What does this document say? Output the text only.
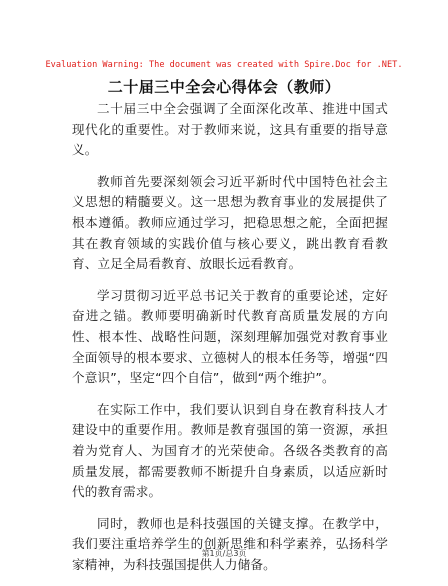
Evaluation Warning: The document was created with Spire.Doc for .NET.
二十届三中全会心得体会（教师）

二十届三中全会强调了全面深化改革、推进中国式现代化的重要性。对于教师来说，这具有重要的指导意义。

教师首先要深刻领会习近平新时代中国特色社会主义思想的精髓要义。这一思想为教育事业的发展提供了根本遵循。教师应通过学习，把稳思想之舵，全面把握其在教育领域的实践价值与核心要义，跳出教育看教育、立足全局看教育、放眼长远看教育。

学习贯彻习近平总书记关于教育的重要论述，定好奋进之锚。教师要明确新时代教育高质量发展的方向性、根本性、战略性问题，深刻理解加强党对教育事业全面领导的根本要求、立德树人的根本任务等，增强“四个意识”，坚定“四个自信”，做到“两个维护”。

在实际工作中，我们要认识到自身在教育科技人才建设中的重要作用。教师是教育强国的第一资源，承担着为党育人、为国育才的光荣使命。各级各类教育的高质量发展，都需要教师不断提升自身素质，以适应新时代的教育需求。

同时，教师也是科技强国的关键支撑。在教学中，我们要注重培养学生的创新思维和科学素养，弘扬科学家精神，为科技强国提供人力储备。

第1页/总3页
